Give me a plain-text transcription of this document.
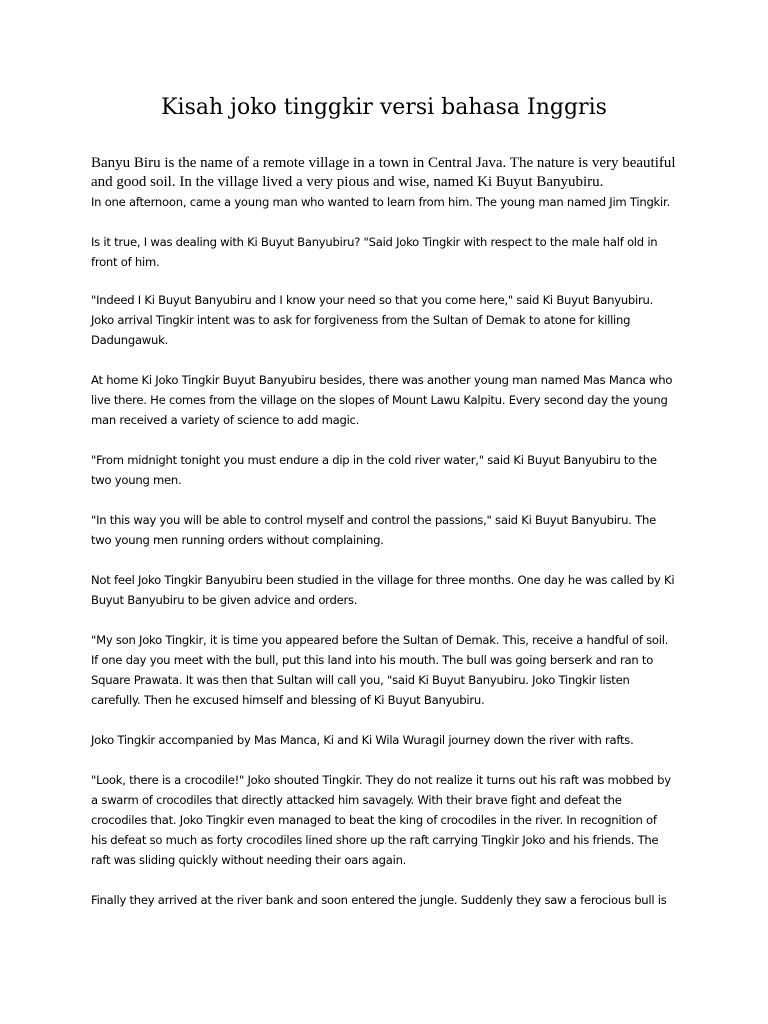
Kisah joko tinggkir versi bahasa Inggris

Banyu Biru is the name of a remote village in a town in Central Java. The nature is very beautiful
and good soil. In the village lived a very pious and wise, named Ki Buyut Banyubiru.

In one afternoon, came a young man who wanted to learn from him. The young man named Jim Tingkir.

Is it true, I was dealing with Ki Buyut Banyubiru? "Said Joko Tingkir with respect to the male half old in
front of him.

"Indeed I Ki Buyut Banyubiru and I know your need so that you come here," said Ki Buyut Banyubiru.
Joko arrival Tingkir intent was to ask for forgiveness from the Sultan of Demak to atone for killing
Dadungawuk.

At home Ki Joko Tingkir Buyut Banyubiru besides, there was another young man named Mas Manca who
live there. He comes from the village on the slopes of Mount Lawu Kalpitu. Every second day the young
man received a variety of science to add magic.

"From midnight tonight you must endure a dip in the cold river water," said Ki Buyut Banyubiru to the
two young men.

"In this way you will be able to control myself and control the passions," said Ki Buyut Banyubiru. The
two young men running orders without complaining.

Not feel Joko Tingkir Banyubiru been studied in the village for three months. One day he was called by Ki
Buyut Banyubiru to be given advice and orders.

"My son Joko Tingkir, it is time you appeared before the Sultan of Demak. This, receive a handful of soil.
If one day you meet with the bull, put this land into his mouth. The bull was going berserk and ran to
Square Prawata. It was then that Sultan will call you, "said Ki Buyut Banyubiru. Joko Tingkir listen
carefully. Then he excused himself and blessing of Ki Buyut Banyubiru.

Joko Tingkir accompanied by Mas Manca, Ki and Ki Wila Wuragil journey down the river with rafts.

"Look, there is a crocodile!" Joko shouted Tingkir. They do not realize it turns out his raft was mobbed by
a swarm of crocodiles that directly attacked him savagely. With their brave fight and defeat the
crocodiles that. Joko Tingkir even managed to beat the king of crocodiles in the river. In recognition of
his defeat so much as forty crocodiles lined shore up the raft carrying Tingkir Joko and his friends. The
raft was sliding quickly without needing their oars again.

Finally they arrived at the river bank and soon entered the jungle. Suddenly they saw a ferocious bull is
